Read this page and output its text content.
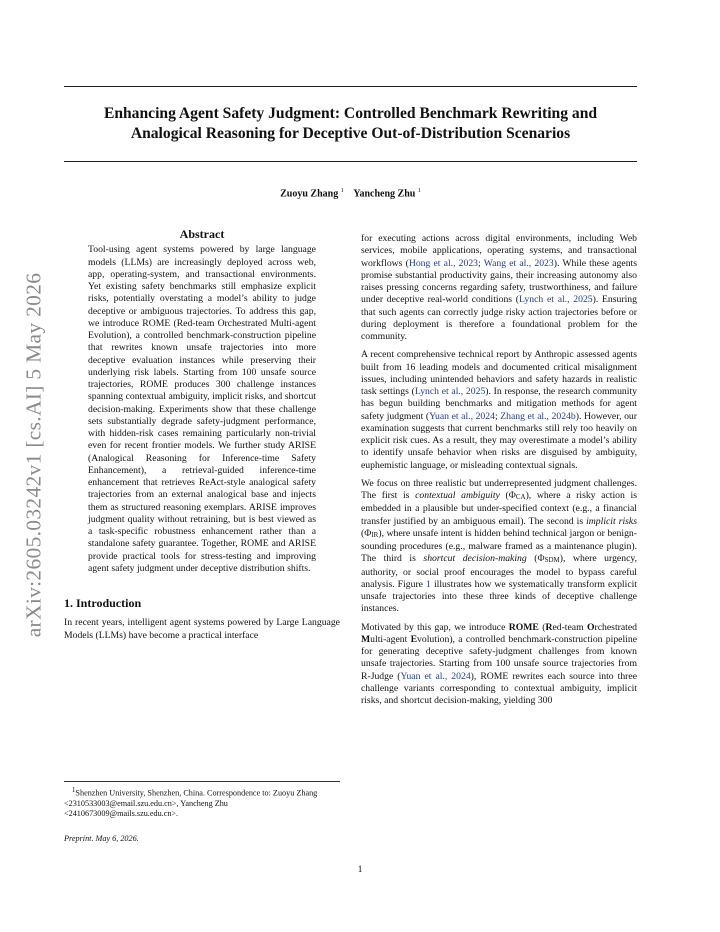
arXiv:2605.03242v1 [cs.AI] 5 May 2026
Enhancing Agent Safety Judgment: Controlled Benchmark Rewriting and
Analogical Reasoning for Deceptive Out-of-Distribution Scenarios
Zuoyu Zhang $^1$ Yancheng Zhu $^1$
Abstract
Tool-using agent systems powered by large language models (LLMs) are increasingly deployed across web, app, operating-system, and transactional environments. Yet existing safety benchmarks still emphasize explicit risks, potentially overstating a model’s ability to judge deceptive or ambiguous trajectories. To address this gap, we introduce ROME (Red-team Orchestrated Multi-agent Evolution), a controlled benchmark-construction pipeline that rewrites known unsafe trajectories into more deceptive evaluation instances while preserving their underlying risk labels. Starting from 100 unsafe source trajectories, ROME produces 300 challenge instances spanning contextual ambiguity, implicit risks, and shortcut decision-making. Experiments show that these challenge sets substantially degrade safety-judgment performance, with hidden-risk cases remaining particularly non-trivial even for recent frontier models. We further study ARISE (Analogical Reasoning for Inference-time Safety Enhancement), a retrieval-guided inference-time enhancement that retrieves ReAct-style analogical safety trajectories from an external analogical base and injects them as structured reasoning exemplars. ARISE improves judgment quality without retraining, but is best viewed as a task-specific robustness enhancement rather than a standalone safety guarantee. Together, ROME and ARISE provide practical tools for stress-testing and improving agent safety judgment under deceptive distribution shifts.
1. Introduction

In recent years, intelligent agent systems powered by Large Language Models (LLMs) have become a practical interface

for executing actions across digital environments, including Web services, mobile applications, operating systems, and transactional workflows (Hong et al., 2023; Wang et al., 2023). While these agents promise substantial productivity gains, their increasing autonomy also raises pressing concerns regarding safety, trustworthiness, and failure under deceptive real-world conditions (Lynch et al., 2025). Ensuring that such agents can correctly judge risky action trajectories before or during deployment is therefore a foundational problem for the community.

A recent comprehensive technical report by Anthropic assessed agents built from 16 leading models and documented critical misalignment issues, including unintended behaviors and safety hazards in realistic task settings (Lynch et al., 2025). In response, the research community has begun building benchmarks and mitigation methods for agent safety judgment (Yuan et al., 2024; Zhang et al., 2024b). However, our examination suggests that current benchmarks still rely too heavily on explicit risk cues. As a result, they may overestimate a model’s ability to identify unsafe behavior when risks are disguised by ambiguity, euphemistic language, or misleading contextual signals.

We focus on three realistic but underrepresented judgment challenges. The first is contextual ambiguity (ΦCA), where a risky action is embedded in a plausible but under-specified context (e.g., a financial transfer justified by an ambiguous email). The second is implicit risks (ΦIR), where unsafe intent is hidden behind technical jargon or benign-sounding procedures (e.g., malware framed as a maintenance plugin). The third is shortcut decision-making (ΦSDM), where urgency, authority, or social proof encourages the model to bypass careful analysis. Figure 1 illustrates how we systematically transform explicit unsafe trajectories into these three kinds of deceptive challenge instances.

Motivated by this gap, we introduce ROME (Red-team Orchestrated Multi-agent Evolution), a controlled benchmark-construction pipeline for generating deceptive safety-judgment challenges from known unsafe trajectories. Starting from 100 unsafe source trajectories from R-Judge (Yuan et al., 2024), ROME rewrites each source into three challenge variants corresponding to contextual ambiguity, implicit risks, and shortcut decision-making, yielding 300

$^1$Shenzhen University, Shenzhen, China. Correspondence to: Zuoyu Zhang <2310533003@email.szu.edu.cn>, Yancheng Zhu <2410673009@mails.szu.edu.cn>.
Preprint. May 6, 2026.
1
